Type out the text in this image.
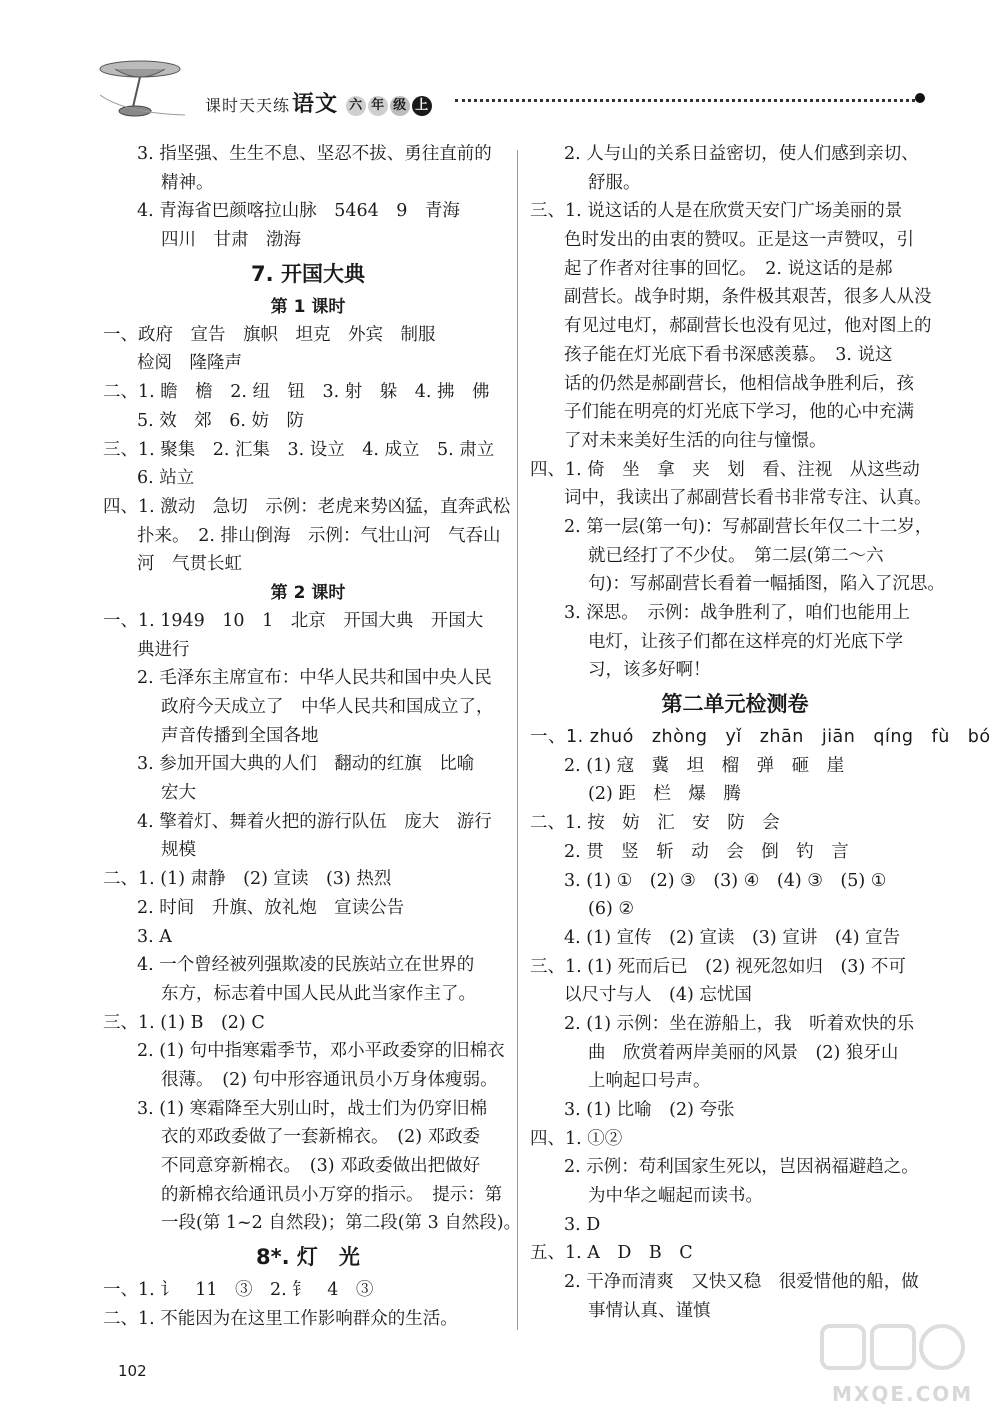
课时天天练语文 六 年 级 上
3. 指坚强、生生不息、坚忍不拔、勇往直前的
精神。
4. 青海省巴颜喀拉山脉　5464　9　青海
四川　甘肃　渤海
7. 开国大典
第 1 课时
一、政府　宣告　旗帜　坦克　外宾　制服
检阅　隆隆声
二、1. 瞻　檐　2. 纽　钮　3. 射　躲　4. 拂　佛
5. 效　郊　6. 妨　防
三、1. 聚集　2. 汇集　3. 设立　4. 成立　5. 肃立
6. 站立
四、1. 激动　急切　示例：老虎来势凶猛，直奔武松
扑来。　2. 排山倒海　示例：气壮山河　气吞山
河　气贯长虹
第 2 课时
一、1. 1949　10　1　北京　开国大典　开国大
典进行
2. 毛泽东主席宣布：中华人民共和国中央人民
政府今天成立了　中华人民共和国成立了，
声音传播到全国各地
3. 参加开国大典的人们　翻动的红旗　比喻
宏大
4. 擎着灯、舞着火把的游行队伍　庞大　游行
规模
二、1. (1) 肃静　(2) 宣读　(3) 热烈
2. 时间　升旗、放礼炮　宣读公告
3. A
4. 一个曾经被列强欺凌的民族站立在世界的
东方，标志着中国人民从此当家作主了。
三、1. (1) B　(2) C
2. (1) 句中指寒霜季节，邓小平政委穿的旧棉衣
很薄。　(2) 句中形容通讯员小万身体瘦弱。
3. (1) 寒霜降至大别山时，战士们为仍穿旧棉
衣的邓政委做了一套新棉衣。　(2) 邓政委
不同意穿新棉衣。　(3) 邓政委做出把做好
的新棉衣给通讯员小万穿的指示。　提示：第
一段(第 1~2 自然段)；第二段(第 3 自然段)。
8*. 灯　光
一、1. 讠　11　③　2. 钅　4　③
二、1. 不能因为在这里工作影响群众的生活。
2. 人与山的关系日益密切，使人们感到亲切、
舒服。
三、1. 说这话的人是在欣赏天安门广场美丽的景
色时发出的由衷的赞叹。正是这一声赞叹，引
起了作者对往事的回忆。　2. 说这话的是郝
副营长。战争时期，条件极其艰苦，很多人从没
有见过电灯，郝副营长也没有见过，他对图上的
孩子能在灯光底下看书深感羡慕。　3. 说这
话的仍然是郝副营长，他相信战争胜利后，孩
子们能在明亮的灯光底下学习，他的心中充满
了对未来美好生活的向往与憧憬。
四、1. 倚　坐　拿　夹　划　看、注视　从这些动
词中，我读出了郝副营长看书非常专注、认真。
2. 第一层(第一句)：写郝副营长年仅二十二岁，
就已经打了不少仗。　第二层(第二～六
句)：写郝副营长看着一幅插图，陷入了沉思。
3. 深思。　示例：战争胜利了，咱们也能用上
电灯，让孩子们都在这样亮的灯光底下学
习，该多好啊！
第二单元检测卷
一、1. zhuó　zhòng　yǐ　zhān　jiān　qíng　fù　bó
2. (1) 寇　冀　坦　榴　弹　砸　崖
(2) 距　栏　爆　腾
二、1. 按　妨　汇　安　防　会
2. 贯　竖　斩　动　会　倒　钓　言
3. (1) ①　(2) ③　(3) ④　(4) ③　(5) ①
(6) ②
4. (1) 宣传　(2) 宣读　(3) 宣讲　(4) 宣告
三、1. (1) 死而后已　(2) 视死忽如归　(3) 不可
以尺寸与人　(4) 忘忧国
2. (1) 示例：坐在游船上，我　听着欢快的乐
曲　欣赏着两岸美丽的风景　(2) 狼牙山
上响起口号声。
3. (1) 比喻　(2) 夸张
四、1. ①②
2. 示例：苟利国家生死以，岂因祸福避趋之。
为中华之崛起而读书。
3. D
五、1. A　D　B　C
2. 干净而清爽　又快又稳　很爱惜他的船，做
事情认真、谨慎
102
MXQE.COM
